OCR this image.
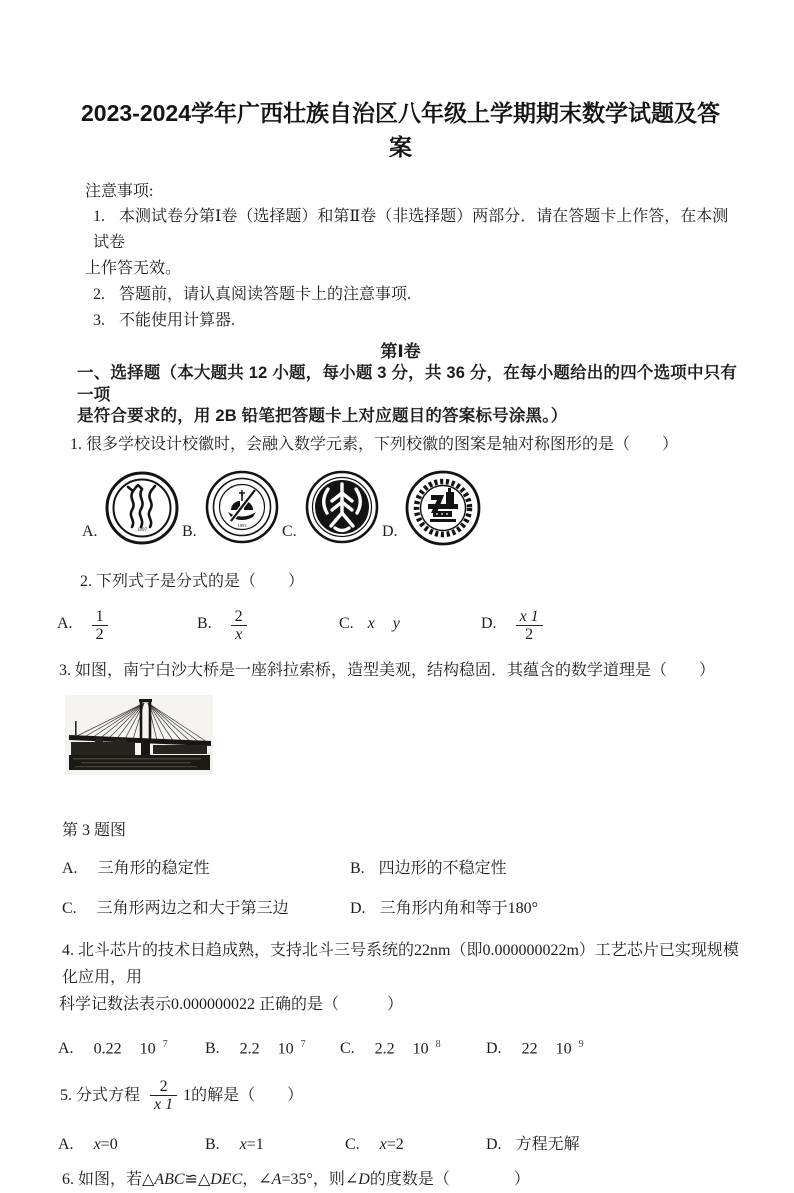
2023-2024学年广西壮族自治区八年级上学期期末数学试题及答
案
注意事项:
1. 本测试卷分第Ⅰ卷（选择题）和第Ⅱ卷（非选择题）两部分．请在答题卡上作答，在本测试卷
上作答无效。
2. 答题前，请认真阅读答题卡上的注意事项.
3. 不能使用计算器.
第Ⅰ卷
一、选择题（本大题共 12 小题，每小题 3 分，共 36 分，在每小题给出的四个选项中只有一项
是符合要求的，用 2B 铅笔把答题卡上对应题目的答案标号涂黑。）
1. 很多学校设计校徽时，会融入数学元素，下列校徽的图案是轴对称图形的是（　　）
A.	1897 B.	1893 C.	D.
2. 下列式子是分式的是（　　）
A. $\frac{1}{2}$	B. $\frac{2}{x}$	C. x y	D. $\frac{x 1}{2}$
3. 如图，南宁白沙大桥是一座斜拉索桥，造型美观，结构稳固．其蕴含的数学道理是（　　）
第 3 题图
A. 三角形的稳定性	B. 四边形的不稳定性
C. 三角形两边之和大于第三边	D. 三角形内角和等于180°
4. 北斗芯片的技术日趋成熟，支持北斗三号系统的22nm（即0.000000022m）工艺芯片已实现规模化应用，用
科学记数法表示0.000000022 正确的是（　　　）
A. 0.22 10 $^7$	B. 2.2 10 $^7$	C. 2.2 10 $^8$	D. 22 10 $^9$
5. 分式方程 $\frac{2}{x 1} 1$的解是（　　）
A. x=0	B. x=1	C. x=2	D. 方程无解
6. 如图，若△ABC≌△DEC，∠A=35°，则∠D的度数是（　　　　）
